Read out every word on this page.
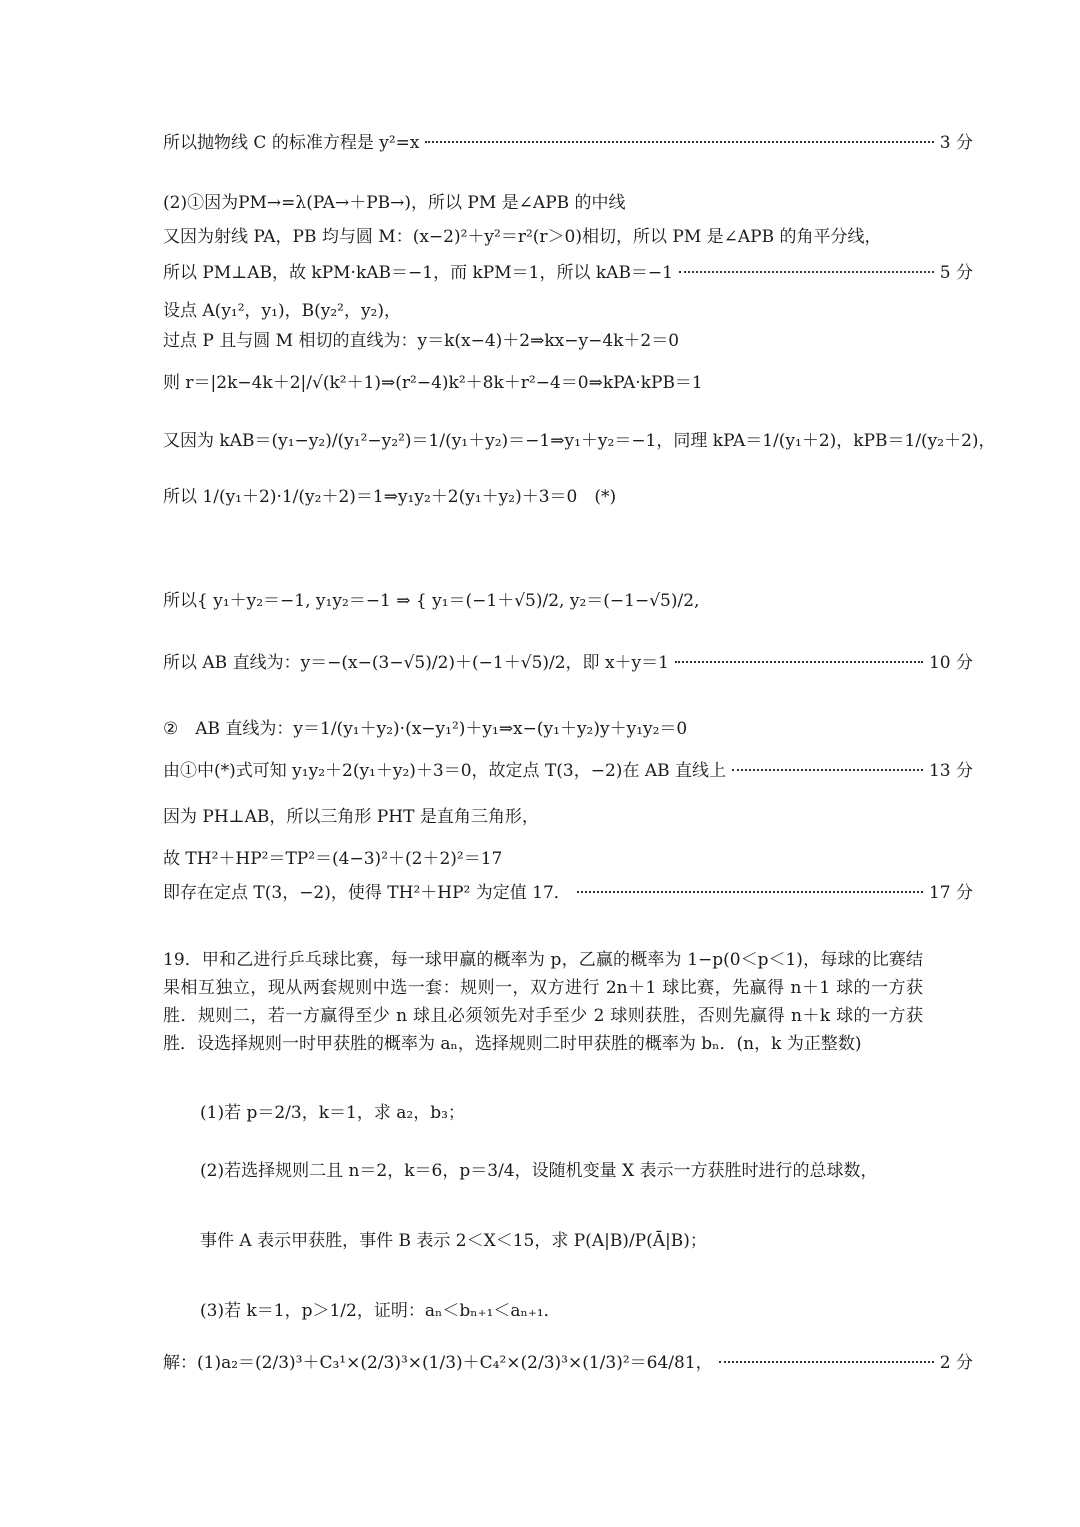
所以抛物线 C 的标准方程是 y²=x	3 分
(2)①因为PM→=λ(PA→＋PB→)，所以 PM 是∠APB 的中线
又因为射线 PA，PB 均与圆 M：(x−2)²＋y²＝r²(r＞0)相切，所以 PM 是∠APB 的角平分线，
所以 PM⊥AB，故 kPM·kAB＝−1，而 kPM＝1，所以 kAB＝−1	5 分
设点 A(y₁²，y₁)，B(y₂²，y₂)，
过点 P 且与圆 M 相切的直线为：y＝k(x−4)＋2⇒kx−y−4k＋2＝0
则 r＝|2k−4k＋2|/√(k²＋1)⇒(r²−4)k²＋8k＋r²−4＝0⇒kPA·kPB＝1
又因为 kAB＝(y₁−y₂)/(y₁²−y₂²)＝1/(y₁＋y₂)＝−1⇒y₁＋y₂＝−1，同理 kPA＝1/(y₁＋2)，kPB＝1/(y₂＋2)，
所以 1/(y₁＋2)·1/(y₂＋2)＝1⇒y₁y₂＋2(y₁＋y₂)＋3＝0　(*)
所以{ y₁＋y₂＝−1, y₁y₂＝−1 ⇒ { y₁＝(−1＋√5)/2, y₂＝(−1−√5)/2,
所以 AB 直线为：y＝−(x−(3−√5)/2)＋(−1＋√5)/2，即 x＋y＝1	10 分
②　AB 直线为：y＝1/(y₁＋y₂)·(x−y₁²)＋y₁⇒x−(y₁＋y₂)y＋y₁y₂＝0
由①中(*)式可知 y₁y₂＋2(y₁＋y₂)＋3＝0，故定点 T(3，−2)在 AB 直线上	13 分
因为 PH⊥AB，所以三角形 PHT 是直角三角形，
故 TH²＋HP²＝TP²＝(4−3)²＋(2＋2)²＝17
即存在定点 T(3，−2)，使得 TH²＋HP² 为定值 17．	17 分
19．甲和乙进行乒乓球比赛，每一球甲赢的概率为 p，乙赢的概率为 1−p(0＜p＜1)，每球的比赛结果相互独立，现从两套规则中选一套：规则一，双方进行 2n＋1 球比赛，先赢得 n＋1 球的一方获胜．规则二，若一方赢得至少 n 球且必须领先对手至少 2 球则获胜，否则先赢得 n＋k 球的一方获胜．设选择规则一时甲获胜的概率为 aₙ，选择规则二时甲获胜的概率为 bₙ．(n，k 为正整数)
(1)若 p＝2/3，k＝1，求 a₂，b₃；
(2)若选择规则二且 n＝2，k＝6，p＝3/4，设随机变量 X 表示一方获胜时进行的总球数，
事件 A 表示甲获胜，事件 B 表示 2＜X＜15，求 P(A|B)/P(Ā|B)；
(3)若 k＝1，p＞1/2，证明：aₙ＜bₙ₊₁＜aₙ₊₁．
解：(1)a₂＝(2/3)³＋C₃¹×(2/3)³×(1/3)＋C₄²×(2/3)³×(1/3)²＝64/81，	2 分
